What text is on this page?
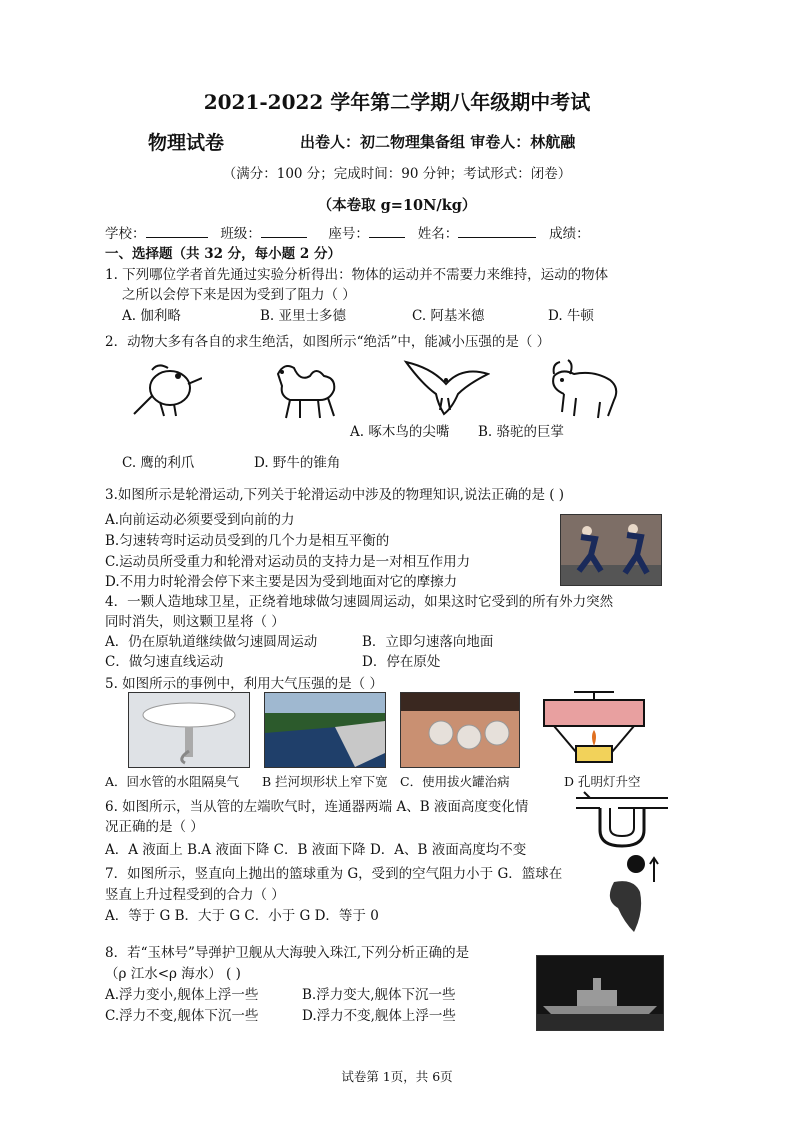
2021-2022 学年第二学期八年级期中考试
物理试卷	出卷人：初二物理集备组 审卷人：林航融
（满分：100 分；完成时间：90 分钟；考试形式：闭卷）
（本卷取 g=10N/kg）
学校：	班级：	座号：	姓名：	成绩：
一、选择题（共 32 分，每小题 2 分）
1. 下列哪位学者首先通过实验分析得出：物体的运动并不需要力来维持，运动的物体
之所以会停下来是因为受到了阻力（ ）
A. 伽利略	B. 亚里士多德	C. 阿基米德	D. 牛顿
2．动物大多有各自的求生绝活，如图所示“绝活”中，能减小压强的是（ ）
A. 啄木鸟的尖嘴 B. 骆驼的巨掌
C. 鹰的利爪	D. 野牛的锥角
3.如图所示是轮滑运动,下列关于轮滑运动中涉及的物理知识,说法正确的是 ( )
A.向前运动必须要受到向前的力
B.匀速转弯时运动员受到的几个力是相互平衡的
C.运动员所受重力和轮滑对运动员的支持力是一对相互作用力
D.不用力时轮滑会停下来主要是因为受到地面对它的摩擦力
4．一颗人造地球卫星，正绕着地球做匀速圆周运动，如果这时它受到的所有外力突然
同时消失，则这颗卫星将（ ）
A．仍在原轨道继续做匀速圆周运动	B．立即匀速落向地面
C．做匀速直线运动	D．停在原处
5. 如图所示的事例中，利用大气压强的是（ ）
A．回水管的水阻隔臭气 B 拦河坝形状上窄下宽 C．使用拔火罐治病	D 孔明灯升空
6. 如图所示，当从管的左端吹气时，连通器两端 A、B 液面高度变化情
况正确的是（ ）
A．A 液面上 B.A 液面下降 C．B 液面下降 D．A、B 液面高度均不变
7．如图所示，竖直向上抛出的篮球重为 G，受到的空气阻力小于 G．篮球在
竖直上升过程受到的合力（ ）
A．等于 G B．大于 G C．小于 G D．等于 0
8．若“玉林号”导弹护卫舰从大海驶入珠江,下列分析正确的是
（ρ 江水<ρ 海水） ( )
A.浮力变小,舰体上浮一些	B.浮力变大,舰体下沉一些
C.浮力不变,舰体下沉一些	D.浮力不变,舰体上浮一些
试卷第 1页，共 6页
